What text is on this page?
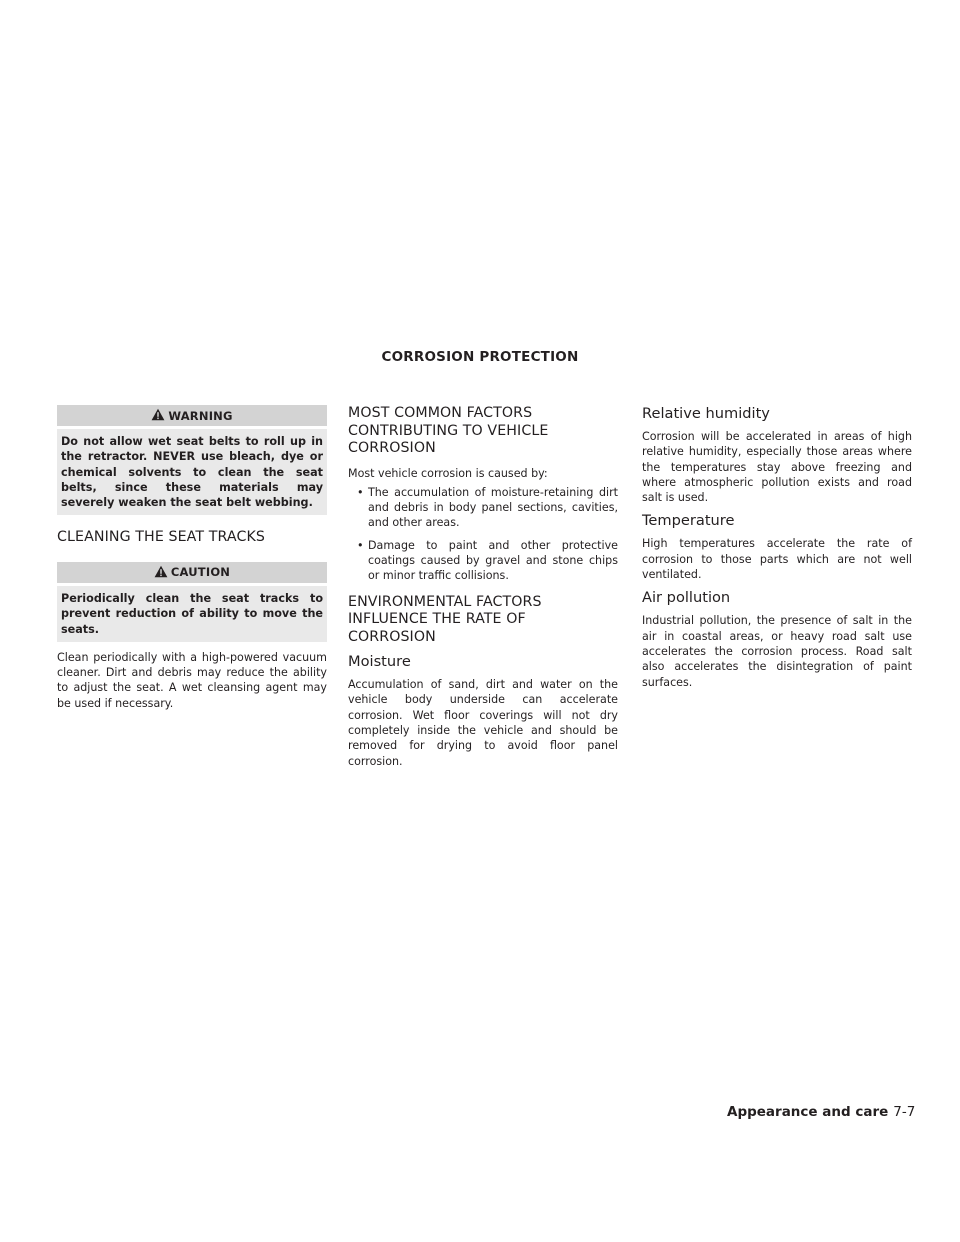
CORROSION PROTECTION
WARNING
Do not allow wet seat belts to roll up in the retractor. NEVER use bleach, dye or chemical solvents to clean the seat belts, since these materials may severely weaken the seat belt webbing.
CLEANING THE SEAT TRACKS
CAUTION
Periodically clean the seat tracks to prevent reduction of ability to move the seats.

Clean periodically with a high-powered vacuum cleaner. Dirt and debris may reduce the ability to adjust the seat. A wet cleansing agent may be used if necessary.

MOST COMMON FACTORS CONTRIBUTING TO VEHICLE CORROSION

Most vehicle corrosion is caused by:

• The accumulation of moisture-retaining dirt and debris in body panel sections, cavities, and other areas.
• Damage to paint and other protective coatings caused by gravel and stone chips or minor traffic collisions.
ENVIRONMENTAL FACTORS INFLUENCE THE RATE OF CORROSION
Moisture

Accumulation of sand, dirt and water on the vehicle body underside can accelerate corrosion. Wet floor coverings will not dry completely inside the vehicle and should be removed for drying to avoid floor panel corrosion.

Relative humidity

Corrosion will be accelerated in areas of high relative humidity, especially those areas where the temperatures stay above freezing and where atmospheric pollution exists and road salt is used.

Temperature

High temperatures accelerate the rate of corrosion to those parts which are not well ventilated.

Air pollution

Industrial pollution, the presence of salt in the air in coastal areas, or heavy road salt use accelerates the corrosion process. Road salt also accelerates the disintegration of paint surfaces.

Appearance and care 7-7
